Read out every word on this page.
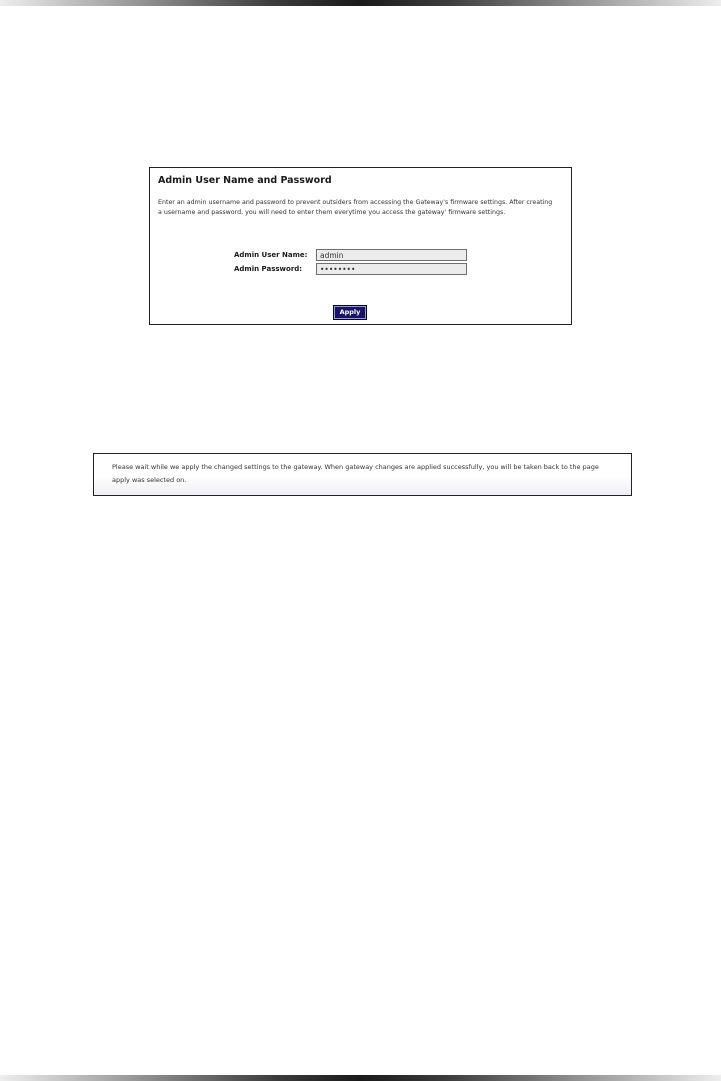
Admin User Name and Password
Enter an admin username and password to prevent outsiders from accessing the Gateway's firmware settings. After creating a username and password, you will need to enter them everytime you access the gateway' firmware settings.
Admin User Name:
admin
Admin Password:
••••••••
Apply
Please wait while we apply the changed settings to the gateway. When gateway changes are applied successfully, you will be taken back to the page apply was selected on.
